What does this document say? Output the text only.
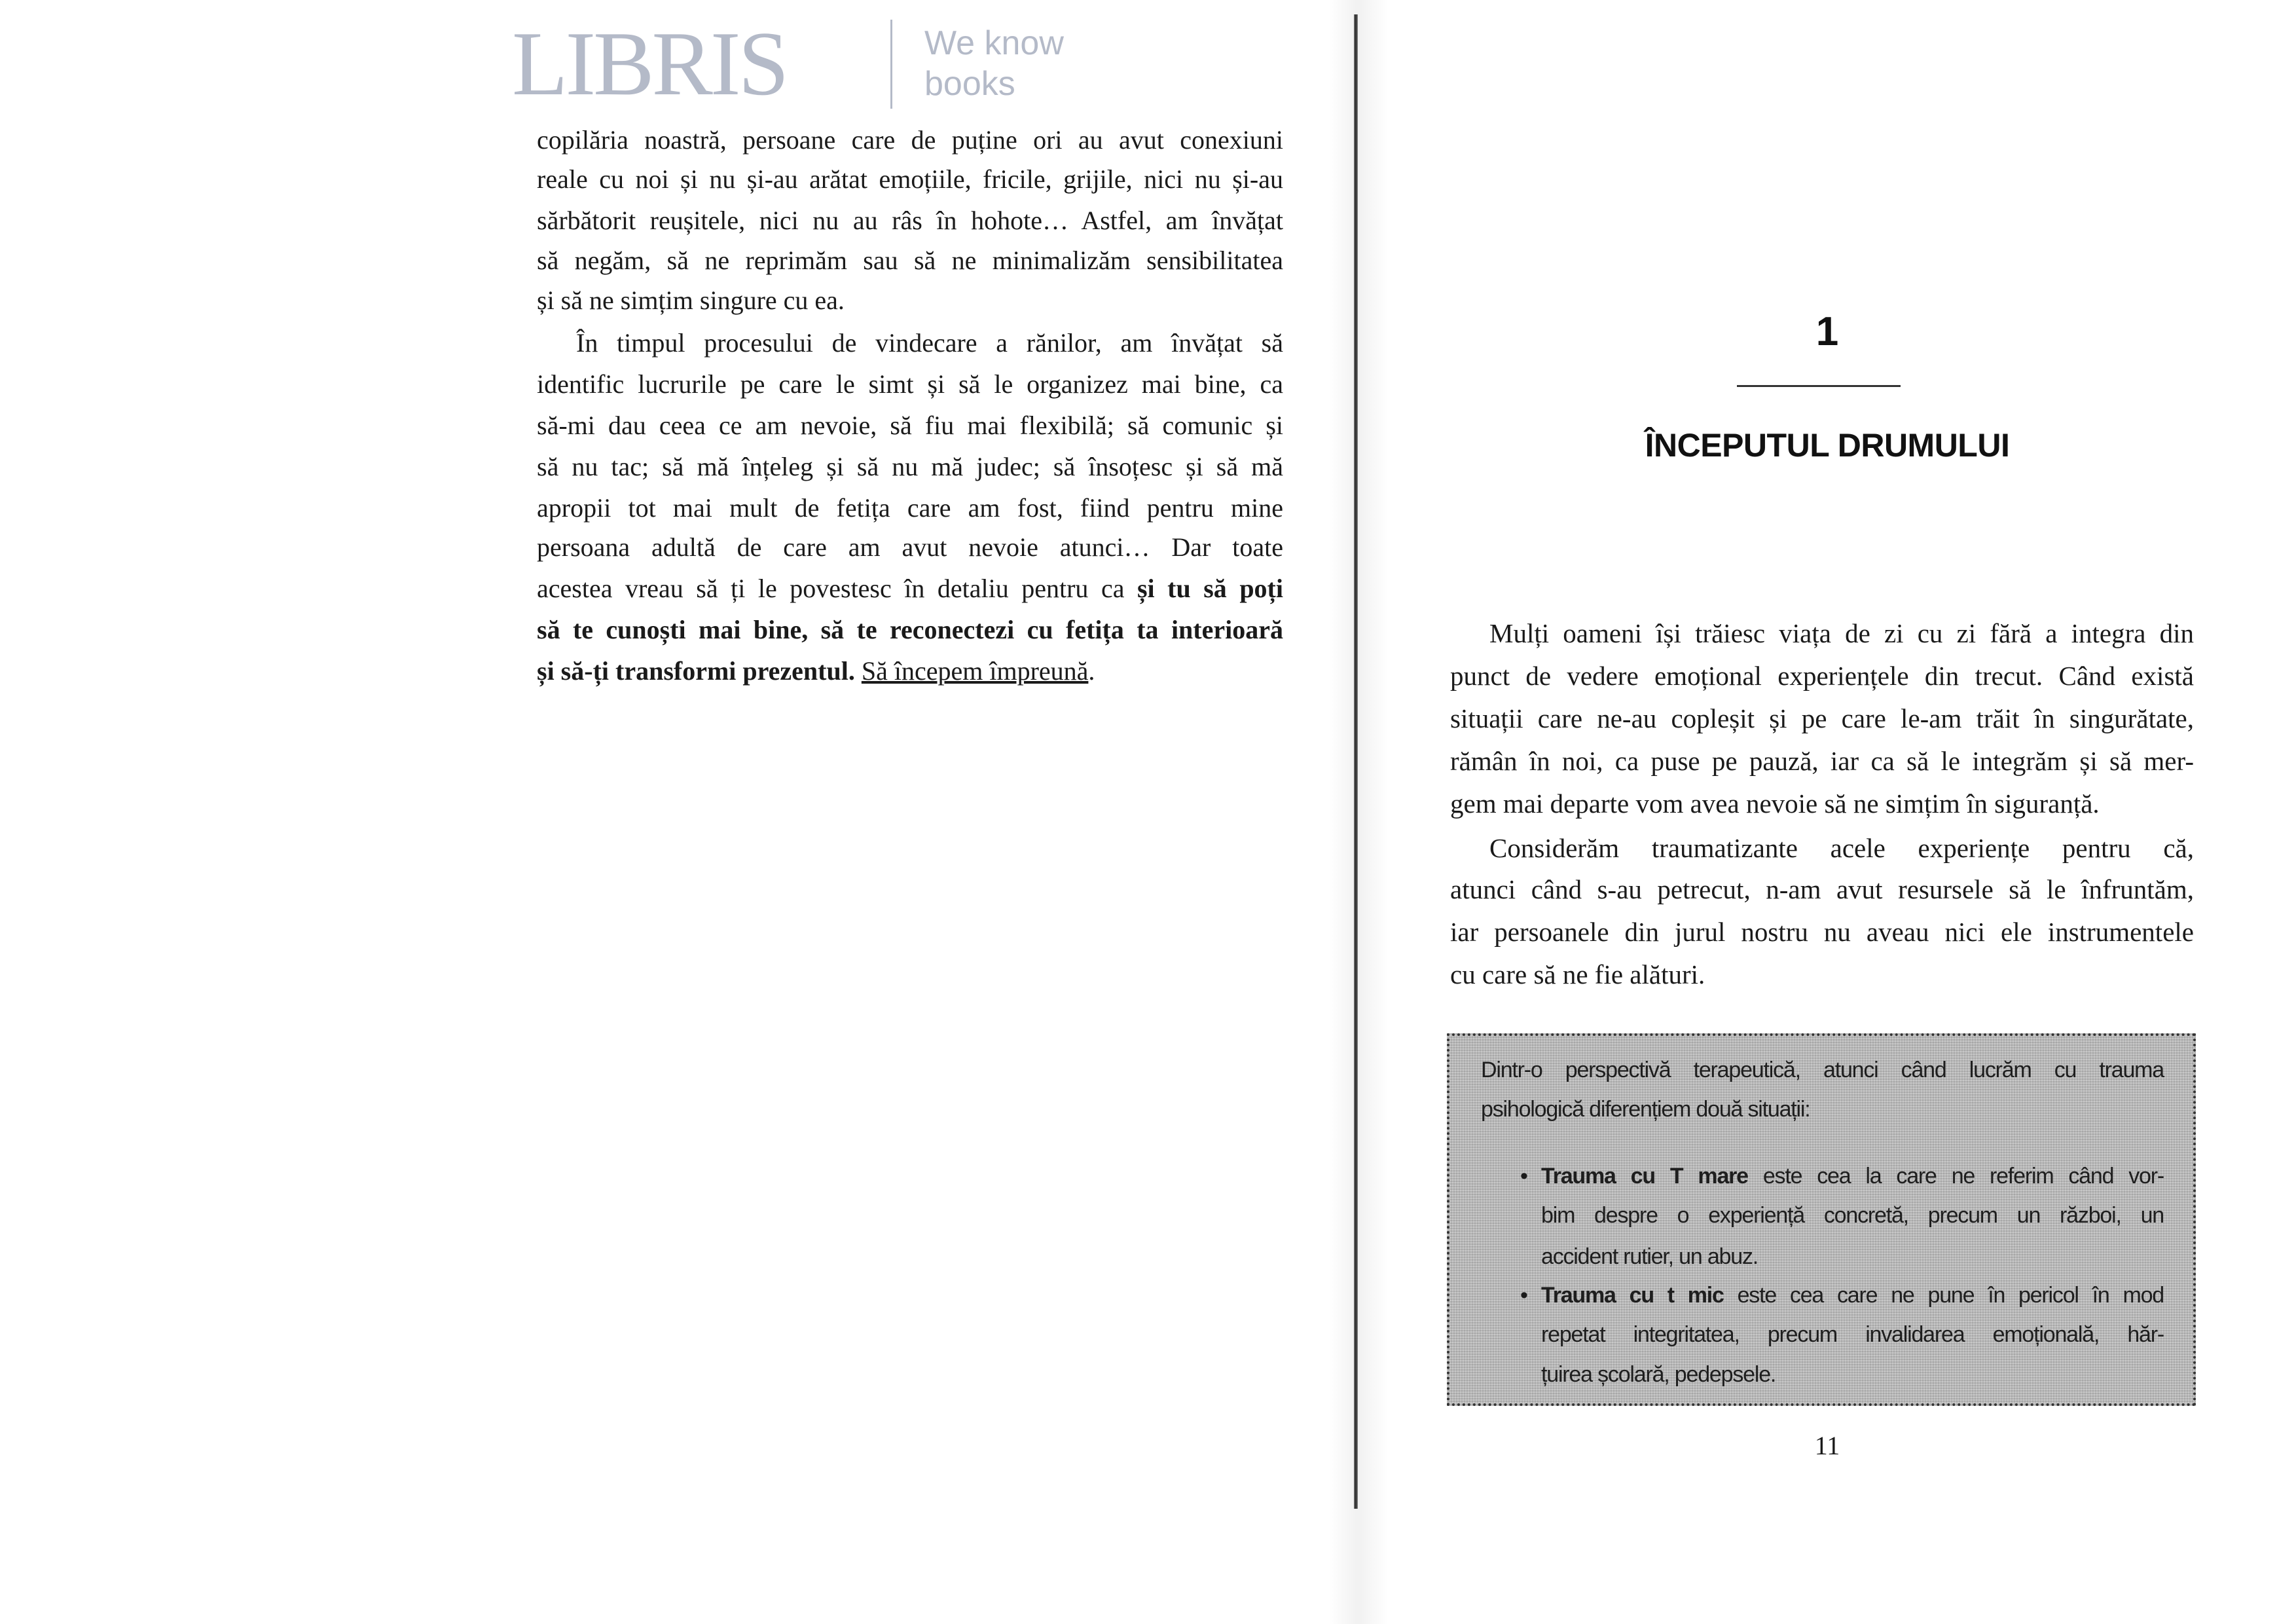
LIBRIS	We know
books
copilăria noastră, persoane care de puține ori au avut conexiuni
reale cu noi și nu și-au arătat emoțiile, fricile, grijile, nici nu și-au
sărbătorit reușitele, nici nu au râs în hohote… Astfel, am învățat
să negăm, să ne reprimăm sau să ne minimalizăm sensibilitatea
și să ne simțim singure cu ea.
În timpul procesului de vindecare a rănilor, am învățat să
identific lucrurile pe care le simt și să le organizez mai bine, ca
să-mi dau ceea ce am nevoie, să fiu mai flexibilă; să comunic și
să nu tac; să mă înțeleg și să nu mă judec; să însoțesc și să mă
apropii tot mai mult de fetița care am fost, fiind pentru mine
persoana adultă de care am avut nevoie atunci… Dar toate
acestea vreau să ți le povestesc în detaliu pentru ca și tu să poți
să te cunoști mai bine, să te reconectezi cu fetița ta interioară
și să-ți transformi prezentul. Să începem împreună.
1
ÎNCEPUTUL DRUMULUI
Mulți oameni își trăiesc viața de zi cu zi fără a integra din
punct de vedere emoțional experiențele din trecut. Când există
situații care ne-au copleșit și pe care le-am trăit în singurătate,
rămân în noi, ca puse pe pauză, iar ca să le integrăm și să mer-
gem mai departe vom avea nevoie să ne simțim în siguranță.
Considerăm traumatizante acele experiențe pentru că,
atunci când s-au petrecut, n-am avut resursele să le înfruntăm,
iar persoanele din jurul nostru nu aveau nici ele instrumentele
cu care să ne fie alături.
Dintr-o perspectivă terapeutică, atunci când lucrăm cu trauma
psihologică diferențiem două situații:
• Trauma cu T mare este cea la care ne referim când vor-
bim despre o experiență concretă, precum un război, un
accident rutier, un abuz.
• Trauma cu t mic este cea care ne pune în pericol în mod
repetat integritatea, precum invalidarea emoțională, hăr-
țuirea școlară, pedepsele.
11
